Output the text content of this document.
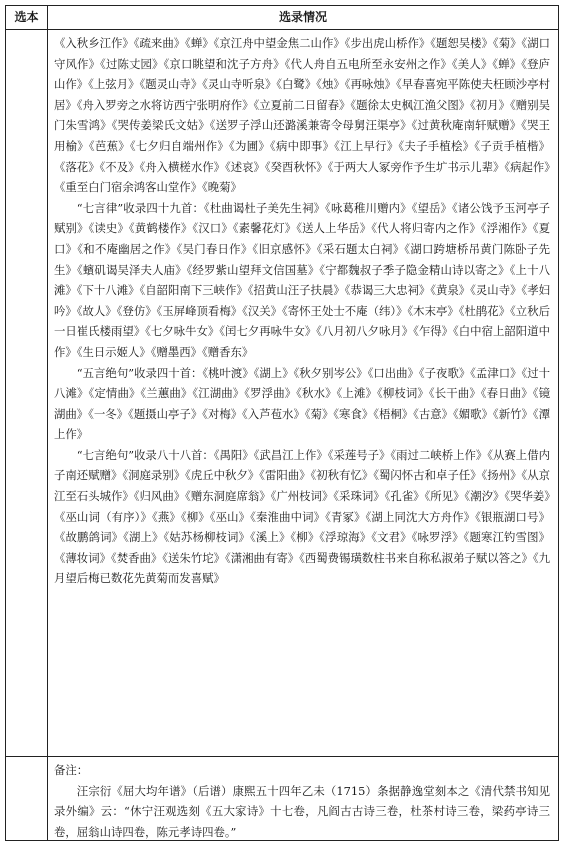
选本	选录情况

《入秋乡江作》《疏来曲》《蝉》《京江舟中望金焦二山作》《步出虎山桥作》《题恕吴楼》《菊》《湖口守风作》《过陈丈园》《京口眺望和沈子方舟》《代人舟自五电所至永安州之作》《美人》《蝉》《登庐山作》《上弦月》《题灵山寺》《灵山寺听泉》《白鹭》《烛》《再咏烛》《早春喜宛平陈使夫枉顾沙亭村居》《舟入罗旁之水将访西宁张明府作》《立夏前二日留春》《题徐太史枫江渔父图》《初月》《赠别吴门朱雪鸿》《哭传姜梁氏文姑》《送罗子浮山还潞溪兼寄令母舅汪渠亭》《过黄秋庵南轩赋赠》《哭王用榆》《芭蕉》《七夕归自端州作》《为圃》《病中即事》《江上早行》《夫子手植桧》《子贡手植楷》《落花》《不及》《舟入横槎水作》《述哀》《癸酉秋怀》《于两大人冢旁作予生圹书示儿辈》《病起作》《重至白门宿余鸿客山堂作》《晚菊》

“七言律”收录四十九首：《杜曲谒杜子美先生祠》《咏葛稚川赠内》《望岳》《诸公饯予玉河亭子赋别》《读史》《黄鹤楼作》《汉口》《素馨花灯》《送人上华岳》《代人将归寄内之作》《浮湘作》《夏口》《和不庵幽居之作》《吴门春日作》《旧京感怀》《采石题太白祠》《湖口跨塘桥吊黄门陈卧子先生》《蠙矶谒吴泽夫人庙》《经罗紫山望拜文信国墓》《宁都魏叔子季子隐金精山诗以寄之》《上十八滩》《下十八滩》《自韶阳南下三峡作》《招黄山汪子扶晨》《恭谒三大忠祠》《黄泉》《灵山寺》《孝妇吟》《故人》《登仿》《玉屏峰顶看梅》《汉关》《寄怀王处士不庵（纬）》《木末亭》《杜鹃花》《立秋后一日崔氏楼雨望》《七夕咏牛女》《闰七夕再咏牛女》《八月初八夕咏月》《乍得》《白中宿上韶阳道中作》《生日示姬人》《赠墨西》《赠香东》

“五言绝句”收录四十首：《桃叶渡》《湖上》《秋夕别岑公》《口出曲》《子夜歌》《孟津口》《过十八滩》《定情曲》《兰蕙曲》《江湖曲》《罗浮曲》《秋水》《上滩》《柳枝词》《长干曲》《春日曲》《镜湖曲》《一冬》《题摄山亭子》《对梅》《入芦苞水》《菊》《寒食》《梧桐》《古意》《媚歌》《新竹》《潭上作》

“七言绝句”收录八十八首：《禺阳》《武昌江上作》《采莲号子》《雨过二峡桥上作》《从赛上借内子南还赋赠》《洞庭录别》《虎丘中秋夕》《雷阳曲》《初秋有忆》《蜀闪怀古和卓子任》《扬州》《从京江至石头城作》《归风曲》《赠东洞庭席翁》《广州枝词》《采珠词》《孔雀》《所见》《潮汐》《哭华姜》《巫山词（有序）》《燕》《柳》《巫山》《秦淮曲中词》《青冢》《湖上同沈大方舟作》《银瓶湖口号》《故鹏鸽词》《湖上》《姑苏杨柳枝词》《溪上》《柳》《浮琼海》《文君》《咏罗浮》《题寒江钓雪图》《薄妆词》《焚香曲》《送朱竹坨》《潇湘曲有寄》《西蜀费锡璜数柱书来自称私淑弟子赋以答之》《九月望后梅已数花先黄菊而发喜赋》

备注：

汪宗衍《屈大均年谱》（后谱）康熙五十四年乙未（1715）条据静逸堂刻本之《清代禁书知见录外编》云：“休宁汪观选刻《五大家诗》十七卷，凡阎古古诗三卷，杜茶村诗三卷，梁药亭诗三卷，屈翁山诗四卷，陈元孝诗四卷。”
